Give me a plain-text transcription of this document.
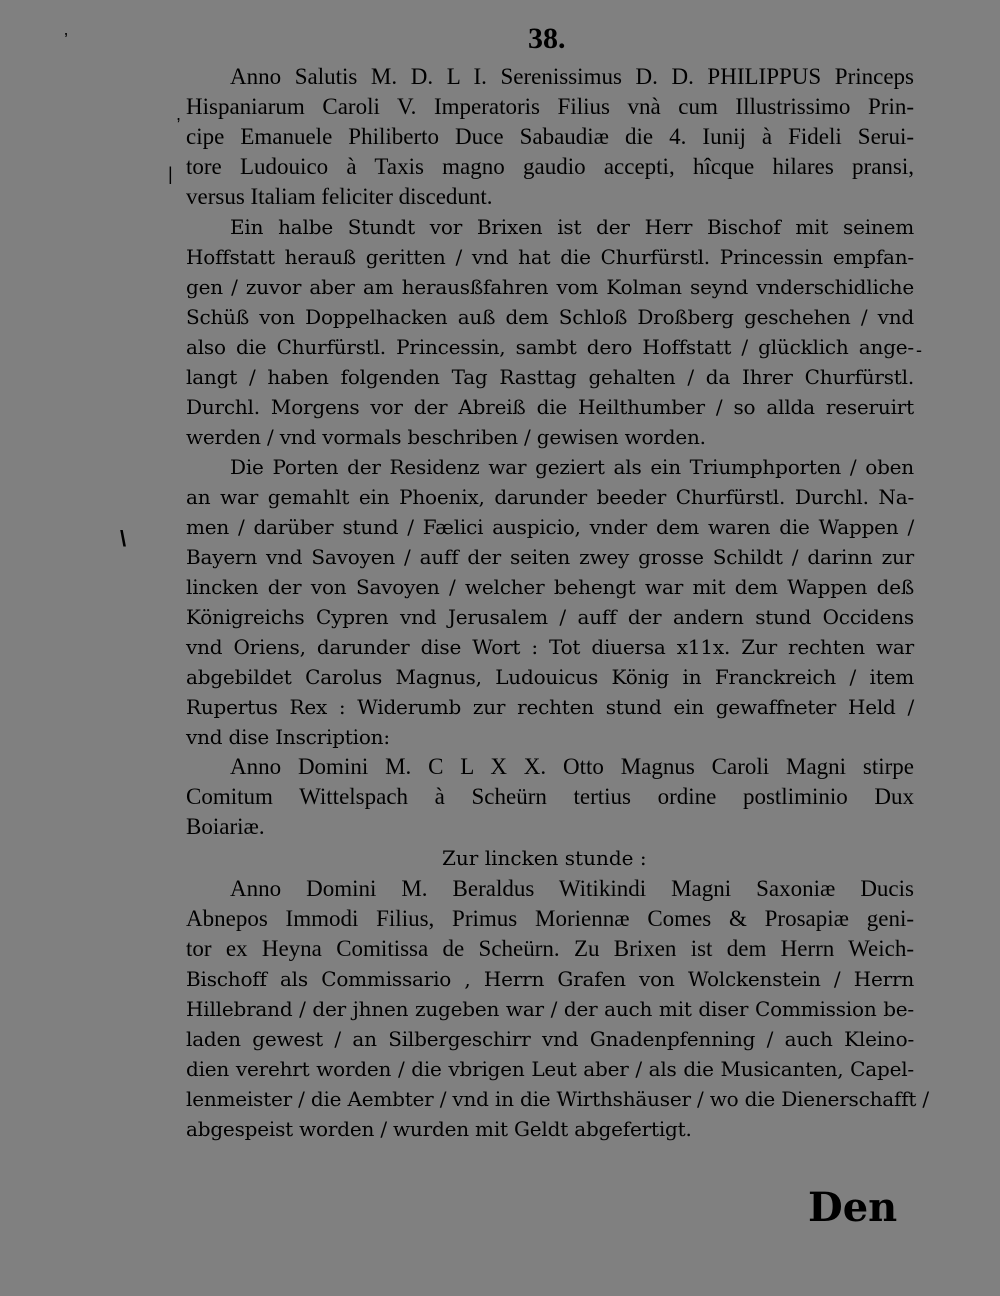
38.
,
|
\
’
-
Anno Salutis M. D. L I. Serenissimus D. D. PHILIPPUS Princeps
Hispaniarum Caroli V. Imperatoris Filius vnà cum Illustrissimo Prin-
cipe Emanuele Philiberto Duce Sabaudiæ die 4. Iunij à Fideli Serui-
tore Ludouico à Taxis magno gaudio accepti, hîcque hilares pransi,
versus Italiam feliciter discedunt.
Ein halbe Stundt vor Brixen ist der Herr Bischof mit seinem
Hoffstatt herauß geritten / vnd hat die Churfürstl. Princessin empfan-
gen / zuvor aber am herausßfahren vom Kolman seynd vnderschidliche
Schüß von Doppelhacken auß dem Schloß Droßberg geschehen / vnd
also die Churfürstl. Princessin, sambt dero Hoffstatt / glücklich ange-
langt / haben folgenden Tag Rasttag gehalten / da Ihrer Churfürstl.
Durchl. Morgens vor der Abreiß die Heilthumber / so allda reseruirt
werden / vnd vormals beschriben / gewisen worden.
Die Porten der Residenz war geziert als ein Triumphporten / oben
an war gemahlt ein Phoenix, darunder beeder Churfürstl. Durchl. Na-
men / darüber stund / Fælici auspicio, vnder dem waren die Wappen /
Bayern vnd Savoyen / auff der seiten zwey grosse Schildt / darinn zur
lincken der von Savoyen / welcher behengt war mit dem Wappen deß
Königreichs Cypren vnd Jerusalem / auff der andern stund Occidens
vnd Oriens, darunder dise Wort : Tot diuersa x11x. Zur rechten war
abgebildet Carolus Magnus, Ludouicus König in Franckreich / item
Rupertus Rex : Widerumb zur rechten stund ein gewaffneter Held /
vnd dise Inscription:
Anno Domini M. C L X X. Otto Magnus Caroli Magni stirpe
Comitum Wittelspach à Scheürn tertius ordine postliminio Dux
Boiariæ.
Zur lincken stunde :
Anno Domini M. Beraldus Witikindi Magni Saxoniæ Ducis
Abnepos Immodi Filius, Primus Moriennæ Comes & Prosapiæ geni-
tor ex Heyna Comitissa de Scheürn. Zu Brixen ist dem Herrn Weich-
Bischoff als Commissario , Herrn Grafen von Wolckenstein / Herrn
Hillebrand / der jhnen zugeben war / der auch mit diser Commission be-
laden gewest / an Silbergeschirr vnd Gnadenpfenning / auch Kleino-
dien verehrt worden / die vbrigen Leut aber / als die Musicanten, Capel-
lenmeister / die Aembter / vnd in die Wirthshäuser / wo die Dienerschafft /
abgespeist worden / wurden mit Geldt abgefertigt.
Den
